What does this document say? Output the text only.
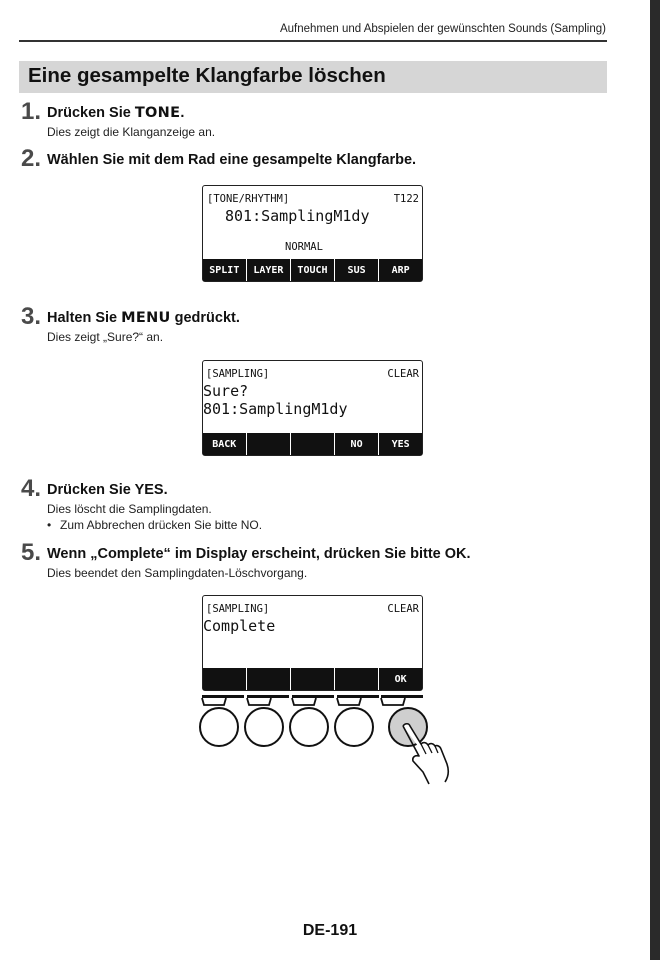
Aufnehmen und Abspielen der gewünschten Sounds (Sampling)
Eine gesampelte Klangfarbe löschen
1. Drücken Sie TONE.
Dies zeigt die Klanganzeige an.
2. Wählen Sie mit dem Rad eine gesampelte Klangfarbe.
[TONE/RHYTHM]	T122
801:SamplingM1dy
NORMAL
SPLIT	LAYER	TOUCH	SUS	ARP
3. Halten Sie MENU gedrückt.
Dies zeigt „Sure?“ an.
[SAMPLING]	CLEAR
Sure?
801:SamplingM1dy
BACK	NO	YES
4. Drücken Sie YES.
Dies löscht die Samplingdaten.
• Zum Abbrechen drücken Sie bitte NO.
5. Wenn „Complete“ im Display erscheint, drücken Sie bitte OK.
Dies beendet den Samplingdaten-Löschvorgang.
[SAMPLING]	CLEAR
Complete
OK
DE-191
